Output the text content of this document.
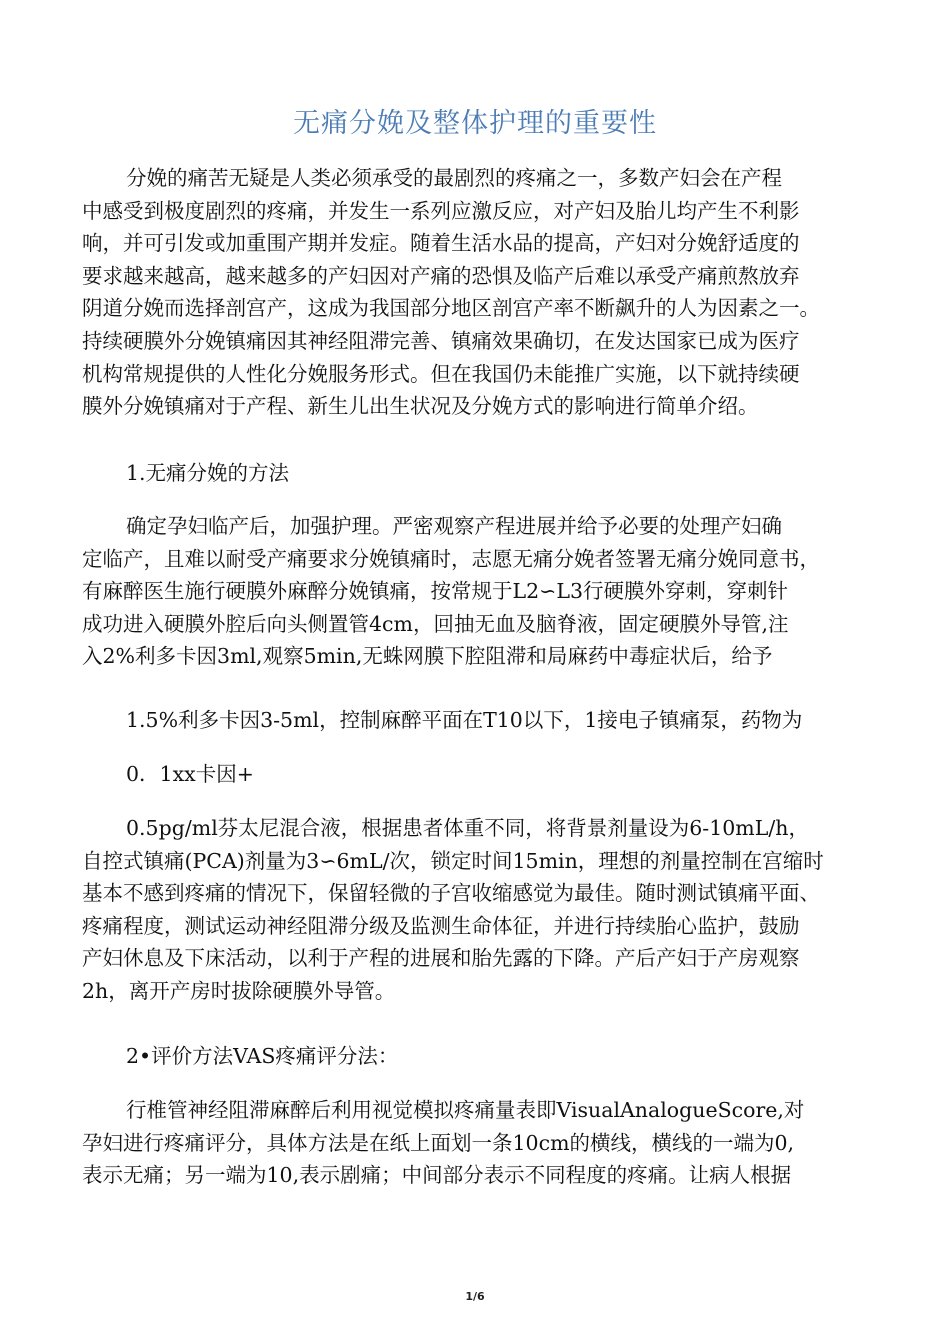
无痛分娩及整体护理的重要性
分娩的痛苦无疑是人类必须承受的最剧烈的疼痛之一，多数产妇会在产程
中感受到极度剧烈的疼痛，并发生一系列应激反应，对产妇及胎儿均产生不利影
响，并可引发或加重围产期并发症。随着生活水品的提高，产妇对分娩舒适度的
要求越来越高，越来越多的产妇因对产痛的恐惧及临产后难以承受产痛煎熬放弃
阴道分娩而选择剖宫产，这成为我国部分地区剖宫产率不断飙升的人为因素之一。
持续硬膜外分娩镇痛因其神经阻滞完善、镇痛效果确切，在发达国家已成为医疗
机构常规提供的人性化分娩服务形式。但在我国仍未能推广实施，以下就持续硬
膜外分娩镇痛对于产程、新生儿出生状况及分娩方式的影响进行简单介绍。
1.无痛分娩的方法
确定孕妇临产后，加强护理。严密观察产程进展并给予必要的处理产妇确
定临产，且难以耐受产痛要求分娩镇痛时，志愿无痛分娩者签署无痛分娩同意书，
有麻醉医生施行硬膜外麻醉分娩镇痛，按常规于L2∽L3行硬膜外穿刺，穿刺针
成功进入硬膜外腔后向头侧置管4cm，回抽无血及脑脊液，固定硬膜外导管,注
入2%利多卡因3ml,观察5min,无蛛网膜下腔阻滞和局麻药中毒症状后，给予
1.5%利多卡因3-5ml，控制麻醉平面在T10以下，1接电子镇痛泵，药物为
0．1xx卡因+
0.5pg/ml芬太尼混合液，根据患者体重不同，将背景剂量设为6-10mL/h，
自控式镇痛(PCA)剂量为3∽6mL/次，锁定时间15min，理想的剂量控制在宫缩时
基本不感到疼痛的情况下，保留轻微的子宫收缩感觉为最佳。随时测试镇痛平面、
疼痛程度，测试运动神经阻滞分级及监测生命体征，并进行持续胎心监护，鼓励
产妇休息及下床活动，以利于产程的进展和胎先露的下降。产后产妇于产房观察
2h，离开产房时拔除硬膜外导管。
2•评价方法VAS疼痛评分法：
行椎管神经阻滞麻醉后利用视觉模拟疼痛量表即VisualAnalogueScore,对
孕妇进行疼痛评分，具体方法是在纸上面划一条10cm的横线，横线的一端为0,
表示无痛；另一端为10,表示剧痛；中间部分表示不同程度的疼痛。让病人根据
1/6
